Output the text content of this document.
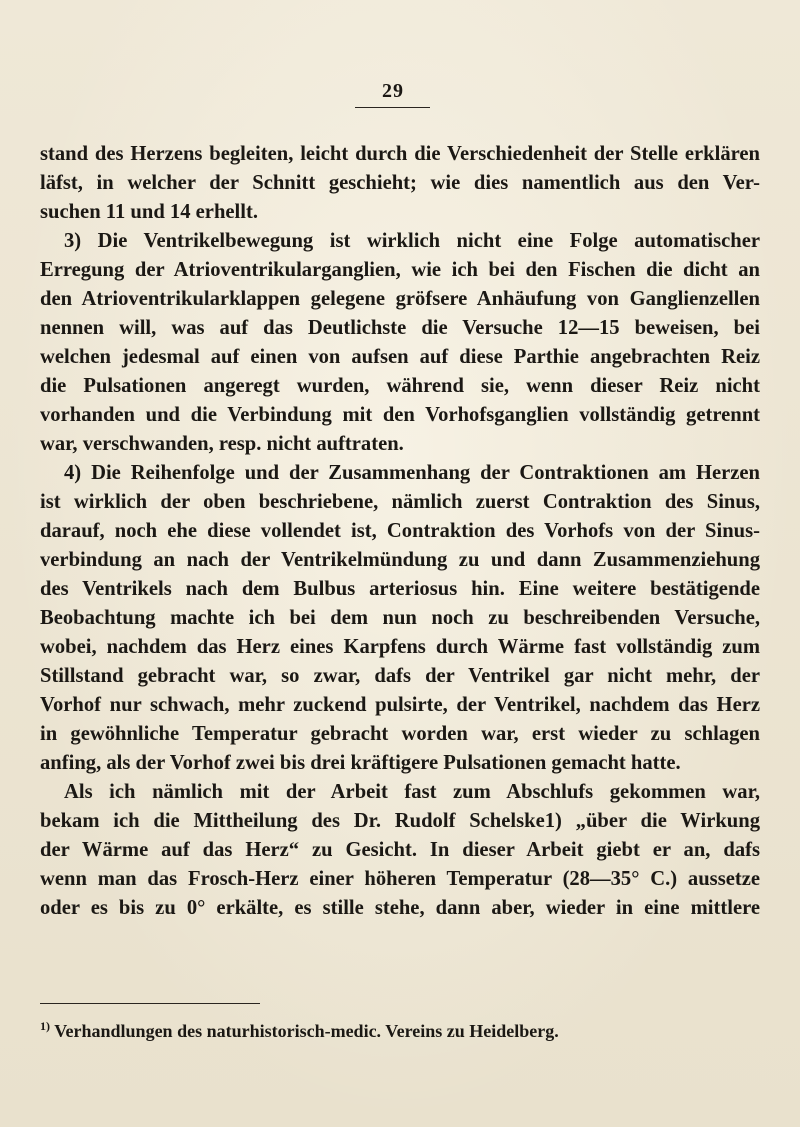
29
stand des Herzens begleiten, leicht durch die Verschiedenheit der Stelle erklären
läfst, in welcher der Schnitt geschieht; wie dies namentlich aus den Ver-
suchen 11 und 14 erhellt.
3) Die Ventrikelbewegung ist wirklich nicht eine Folge automatischer
Erregung der Atrioventrikularganglien, wie ich bei den Fischen die dicht an
den Atrioventrikularklappen gelegene gröfsere Anhäufung von Ganglienzellen
nennen will, was auf das Deutlichste die Versuche 12—15 beweisen, bei
welchen jedesmal auf einen von aufsen auf diese Parthie angebrachten Reiz
die Pulsationen angeregt wurden, während sie, wenn dieser Reiz nicht
vorhanden und die Verbindung mit den Vorhofsganglien vollständig getrennt
war, verschwanden, resp. nicht auftraten.
4) Die Reihenfolge und der Zusammenhang der Contraktionen am Herzen
ist wirklich der oben beschriebene, nämlich zuerst Contraktion des Sinus,
darauf, noch ehe diese vollendet ist, Contraktion des Vorhofs von der Sinus-
verbindung an nach der Ventrikelmündung zu und dann Zusammenziehung
des Ventrikels nach dem Bulbus arteriosus hin. Eine weitere bestätigende
Beobachtung machte ich bei dem nun noch zu beschreibenden Versuche,
wobei, nachdem das Herz eines Karpfens durch Wärme fast vollständig zum
Stillstand gebracht war, so zwar, dafs der Ventrikel gar nicht mehr, der
Vorhof nur schwach, mehr zuckend pulsirte, der Ventrikel, nachdem das Herz
in gewöhnliche Temperatur gebracht worden war, erst wieder zu schlagen
anfing, als der Vorhof zwei bis drei kräftigere Pulsationen gemacht hatte.
Als ich nämlich mit der Arbeit fast zum Abschlufs gekommen war,
bekam ich die Mittheilung des Dr. Rudolf Schelske1) „über die Wirkung
der Wärme auf das Herz“ zu Gesicht. In dieser Arbeit giebt er an, dafs
wenn man das Frosch-Herz einer höheren Temperatur (28—35° C.) aussetze
oder es bis zu 0° erkälte, es stille stehe, dann aber, wieder in eine mittlere
$^{1)}$ Verhandlungen des naturhistorisch-medic. Vereins zu Heidelberg.
